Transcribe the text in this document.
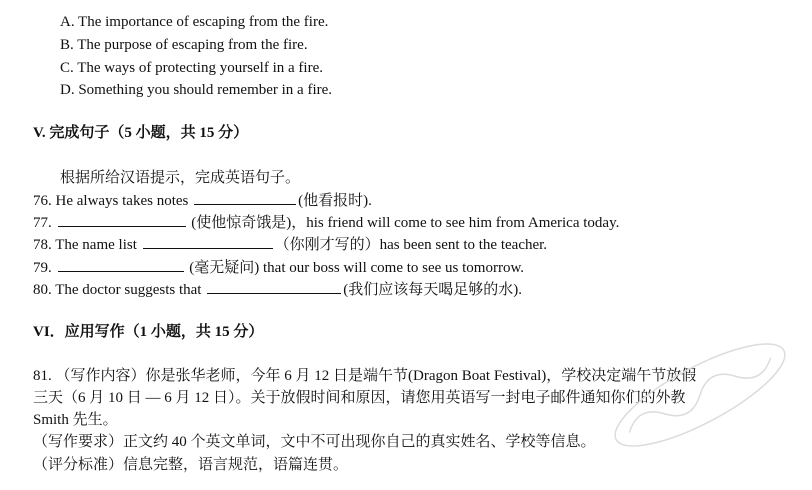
A. The importance of escaping from the fire.
B. The purpose of escaping from the fire.
C. The ways of protecting yourself in a fire.
D. Something you should remember in a fire.
V. 完成句子（5 小题，共 15 分）
根据所给汉语提示，完成英语句子。
76. He always takes notes	(他看报时).
77.	(使他惊奇饿是)，his friend will come to see him from America today.
78. The name list	（你刚才写的）has been sent to the teacher.
79.	(毫无疑问) that our boss will come to see us tomorrow.
80. The doctor suggests that	(我们应该每天喝足够的水).
VI．应用写作（1 小题，共 15 分）
81. （写作内容）你是张华老师，今年 6 月 12 日是端午节(Dragon Boat Festival)，学校决定端午节放假
三天（6 月 10 日 — 6 月 12 日）。关于放假时间和原因，请您用英语写一封电子邮件通知你们的外教
Smith 先生。
（写作要求）正文约 40 个英文单词，文中不可出现你自己的真实姓名、学校等信息。
（评分标准）信息完整，语言规范，语篇连贯。
